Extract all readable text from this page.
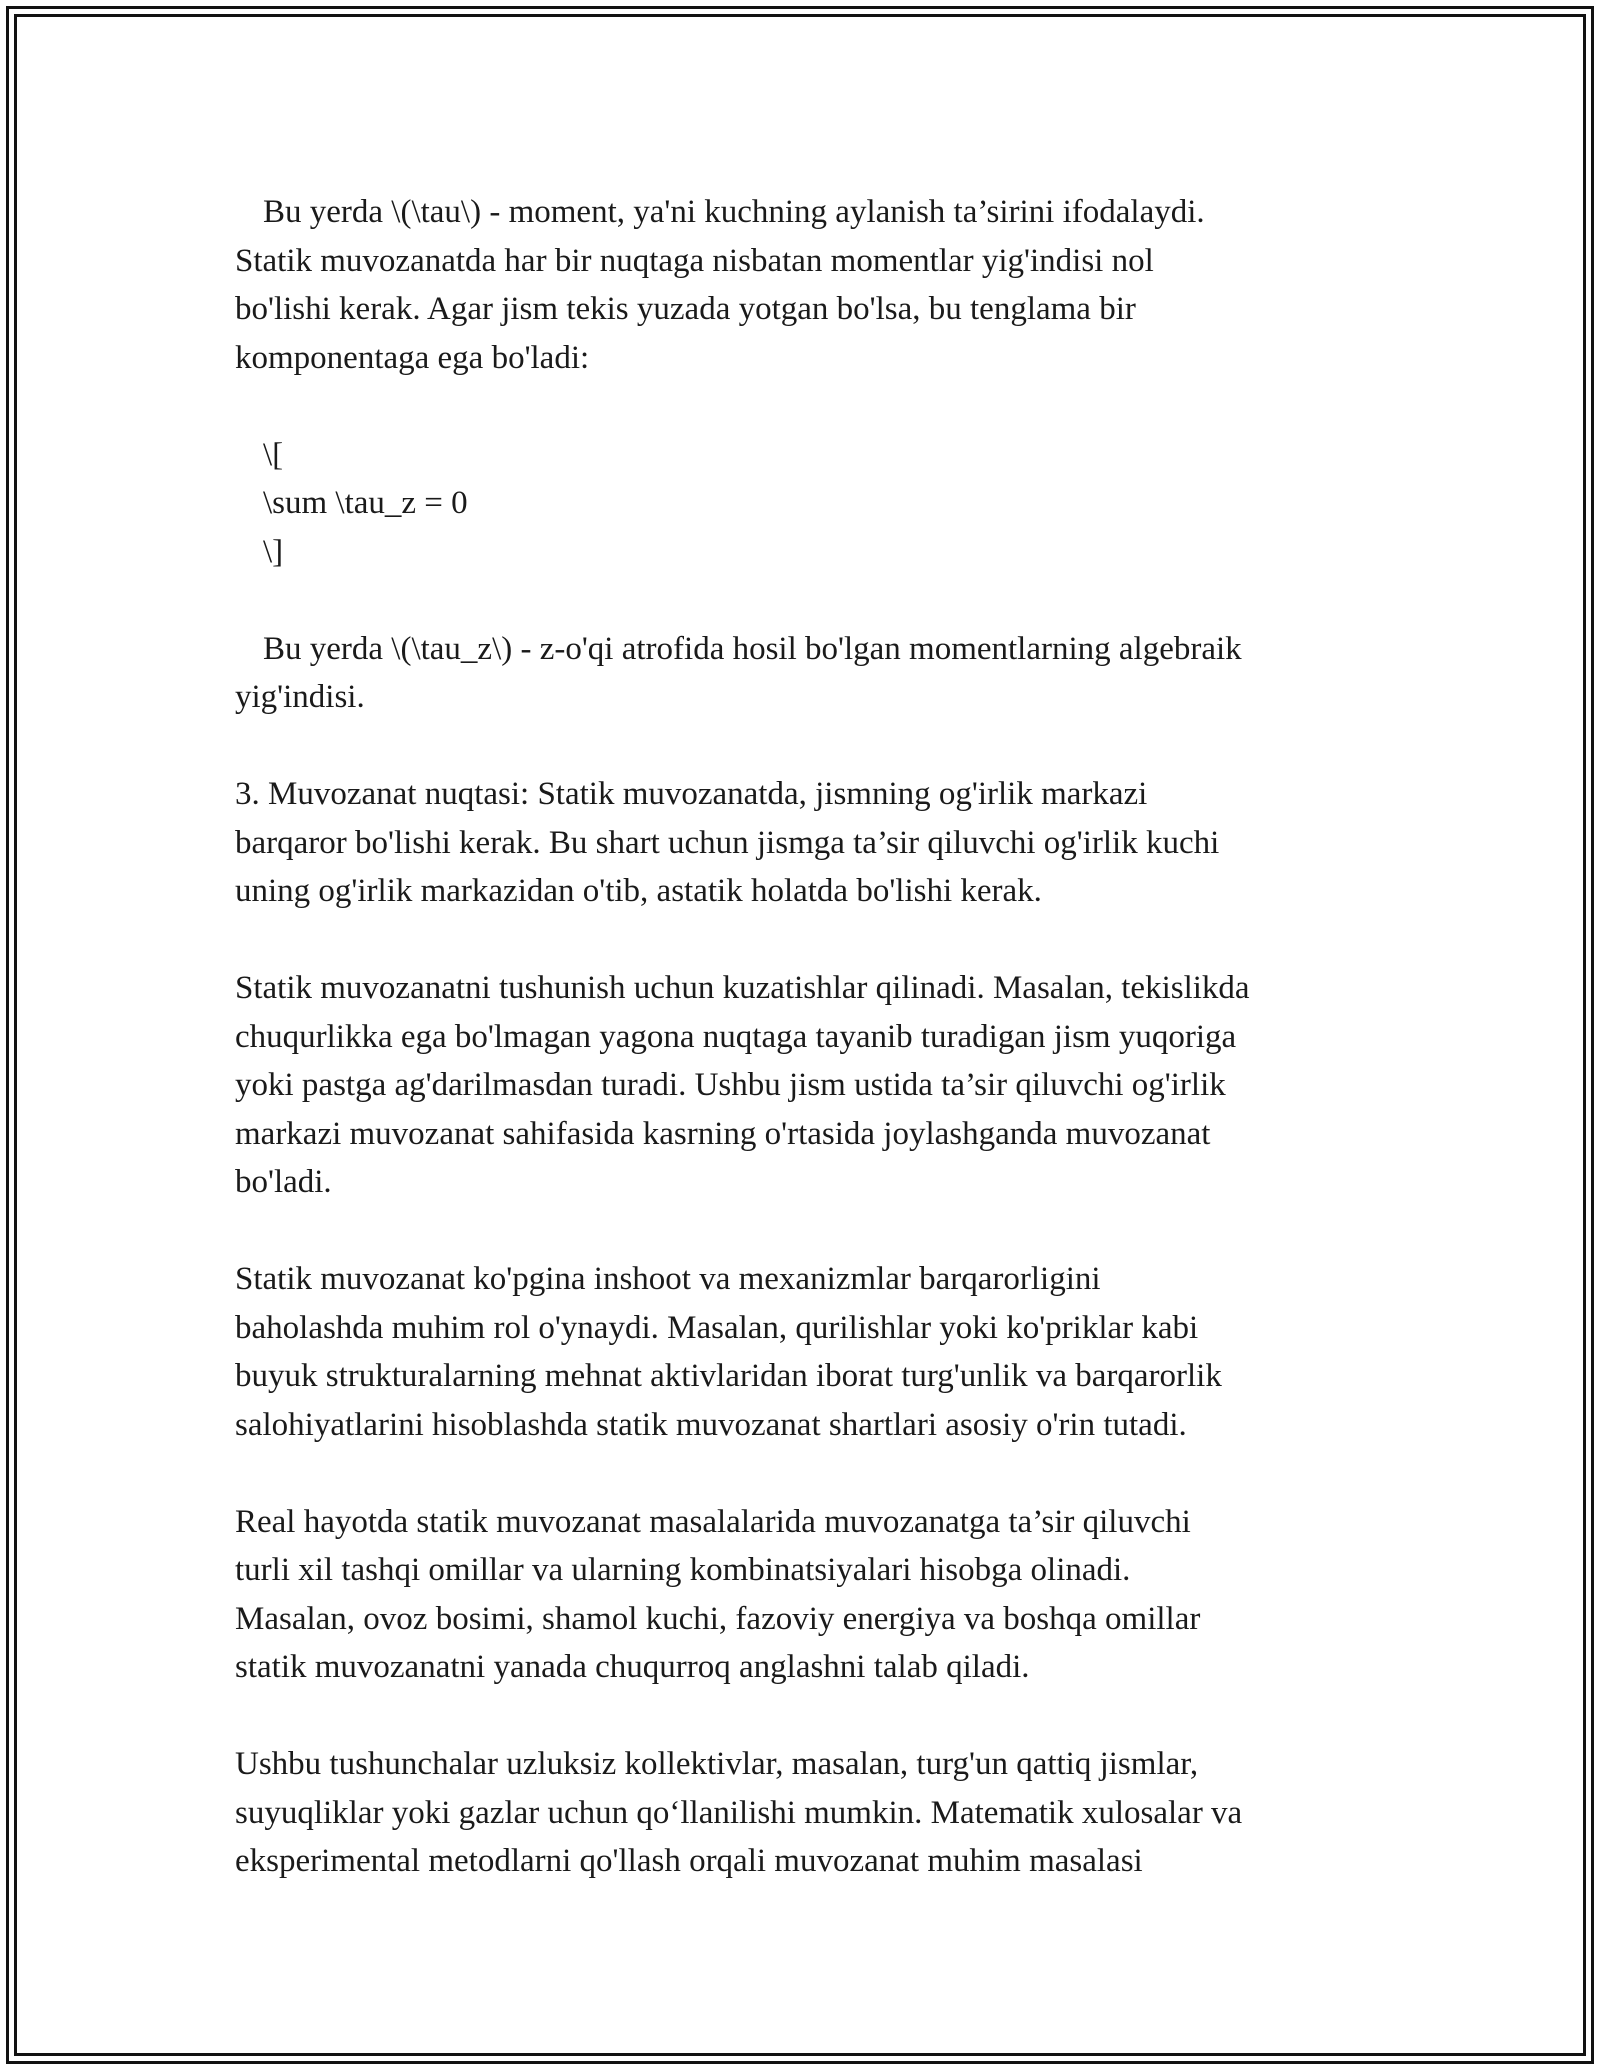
Bu yerda \(\tau\) - moment, ya'ni kuchning aylanish ta’sirini ifodalaydi.
Statik muvozanatda har bir nuqtaga nisbatan momentlar yig'indisi nol
bo'lishi kerak. Agar jism tekis yuzada yotgan bo'lsa, bu tenglama bir
komponentaga ega bo'ladi:
\[
\sum \tau_z = 0
\]
Bu yerda \(\tau_z\) - z-o'qi atrofida hosil bo'lgan momentlarning algebraik
yig'indisi.
3. Muvozanat nuqtasi: Statik muvozanatda, jismning og'irlik markazi
barqaror bo'lishi kerak. Bu shart uchun jismga ta’sir qiluvchi og'irlik kuchi
uning og'irlik markazidan o'tib, astatik holatda bo'lishi kerak.
Statik muvozanatni tushunish uchun kuzatishlar qilinadi. Masalan, tekislikda
chuqurlikka ega bo'lmagan yagona nuqtaga tayanib turadigan jism yuqoriga
yoki pastga ag'darilmasdan turadi. Ushbu jism ustida ta’sir qiluvchi og'irlik
markazi muvozanat sahifasida kasrning o'rtasida joylashganda muvozanat
bo'ladi.
Statik muvozanat ko'pgina inshoot va mexanizmlar barqarorligini
baholashda muhim rol o'ynaydi. Masalan, qurilishlar yoki ko'priklar kabi
buyuk strukturalarning mehnat aktivlaridan iborat turg'unlik va barqarorlik
salohiyatlarini hisoblashda statik muvozanat shartlari asosiy o'rin tutadi.
Real hayotda statik muvozanat masalalarida muvozanatga ta’sir qiluvchi
turli xil tashqi omillar va ularning kombinatsiyalari hisobga olinadi.
Masalan, ovoz bosimi, shamol kuchi, fazoviy energiya va boshqa omillar
statik muvozanatni yanada chuqurroq anglashni talab qiladi.
Ushbu tushunchalar uzluksiz kollektivlar, masalan, turg'un qattiq jismlar,
suyuqliklar yoki gazlar uchun qo‘llanilishi mumkin. Matematik xulosalar va
eksperimental metodlarni qo'llash orqali muvozanat muhim masalasi
